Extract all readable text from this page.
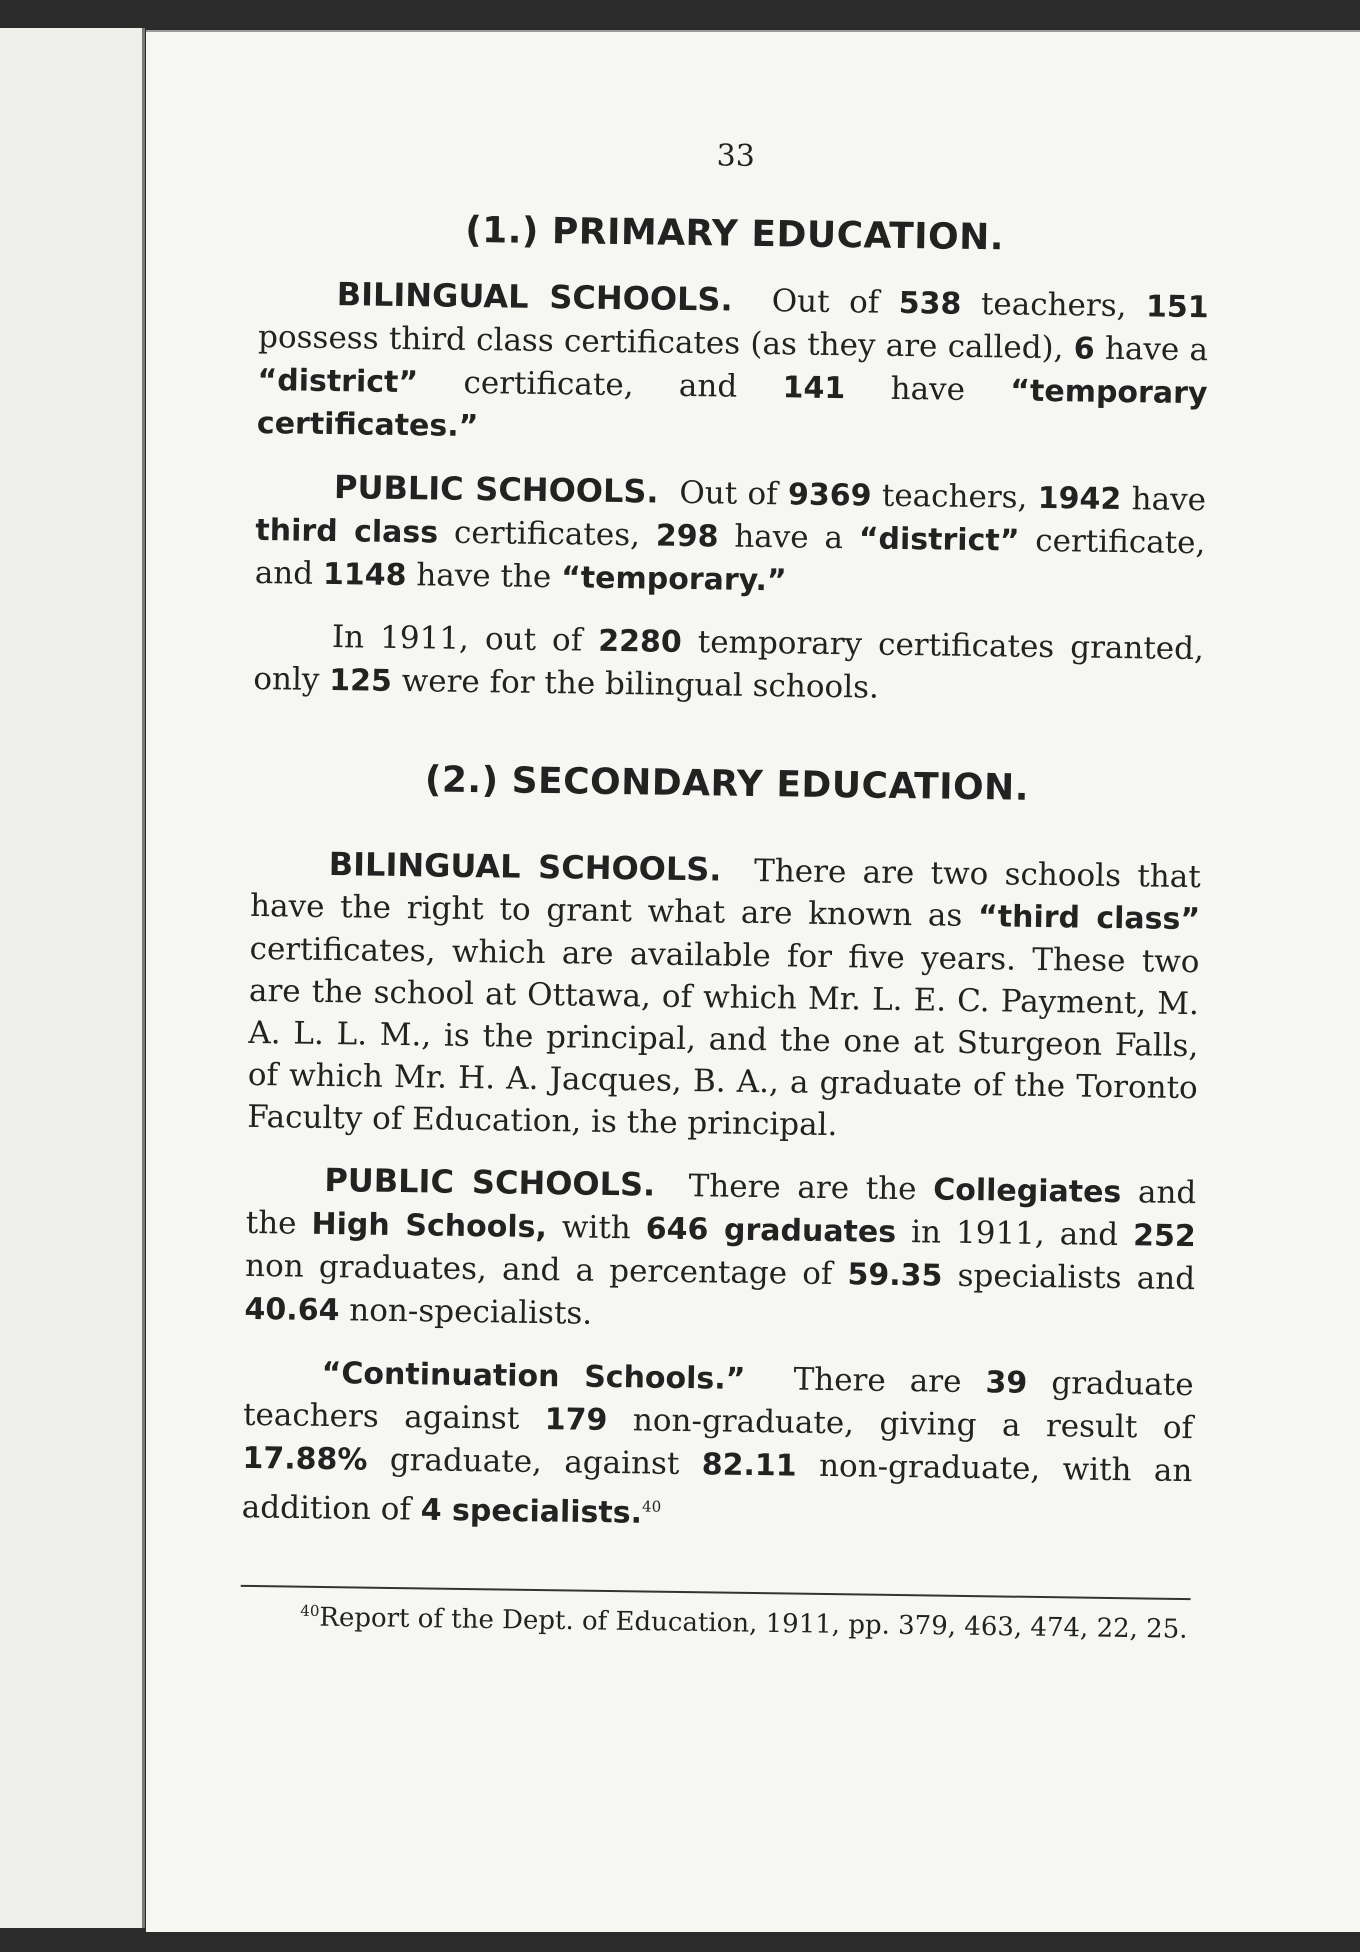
33
(1.) PRIMARY EDUCATION.

BILINGUAL SCHOOLS. Out of 538 teachers, 151 possess third class certificates (as they are called), 6 have a “district” certificate, and 141 have “temporary certificates.”

PUBLIC SCHOOLS. Out of 9369 teachers, 1942 have third class certificates, 298 have a “district” certificate, and 1148 have the “temporary.”

In 1911, out of 2280 temporary certificates granted, only 125 were for the bilingual schools.

(2.) SECONDARY EDUCATION.

BILINGUAL SCHOOLS. There are two schools that have the right to grant what are known as “third class” certificates, which are available for five years. These two are the school at Ottawa, of which Mr. L. E. C. Payment, M. A. L. L. M., is the principal, and the one at Sturgeon Falls, of which Mr. H. A. Jacques, B. A., a graduate of the Toronto Faculty of Education, is the principal.

PUBLIC SCHOOLS. There are the Collegiates and the High Schools, with 646 graduates in 1911, and 252 non graduates, and a percentage of 59.35 specialists and 40.64 non-specialists.

“Continuation Schools.” There are 39 graduate teachers against 179 non-graduate, giving a result of 17.88% graduate, against 82.11 non-graduate, with an addition of 4 specialists.$^{40}$

$^{40}$Report of the Dept. of Education, 1911, pp. 379, 463, 474, 22, 25.
